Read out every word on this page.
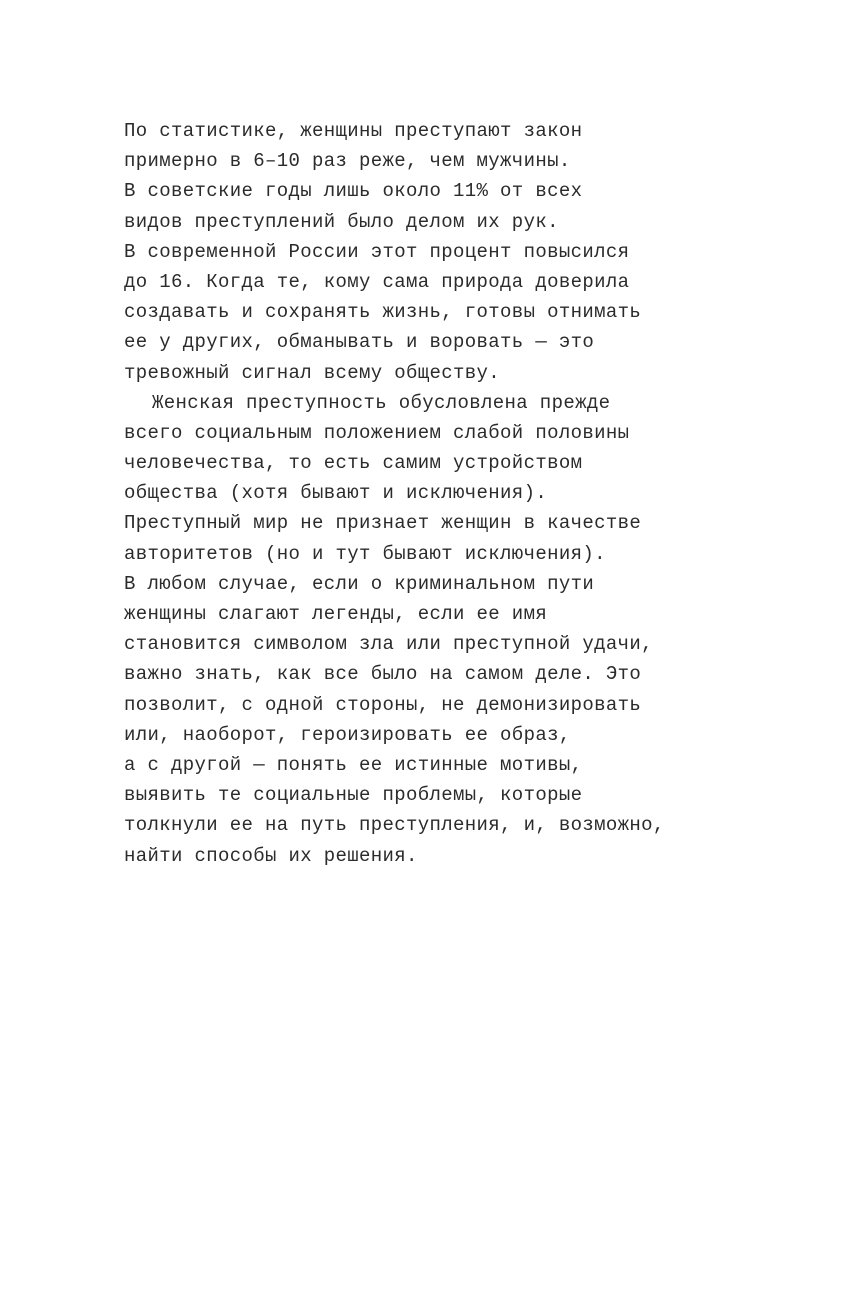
По статистике, женщины преступают закон
примерно в 6–10 раз реже, чем мужчины.
В советские годы лишь около 11% от всех
видов преступлений было делом их рук.
В современной России этот процент повысился
до 16. Когда те, кому сама природа доверила
создавать и сохранять жизнь, готовы отнимать
ее у других, обманывать и воровать — это
тревожный сигнал всему обществу.
Женская преступность обусловлена прежде
всего социальным положением слабой половины
человечества, то есть самим устройством
общества (хотя бывают и исключения).
Преступный мир не признает женщин в качестве
авторитетов (но и тут бывают исключения).
В любом случае, если о криминальном пути
женщины слагают легенды, если ее имя
становится символом зла или преступной удачи,
важно знать, как все было на самом деле. Это
позволит, с одной стороны, не демонизировать
или, наоборот, героизировать ее образ,
а с другой — понять ее истинные мотивы,
выявить те социальные проблемы, которые
толкнули ее на путь преступления, и, возможно,
найти способы их решения.
